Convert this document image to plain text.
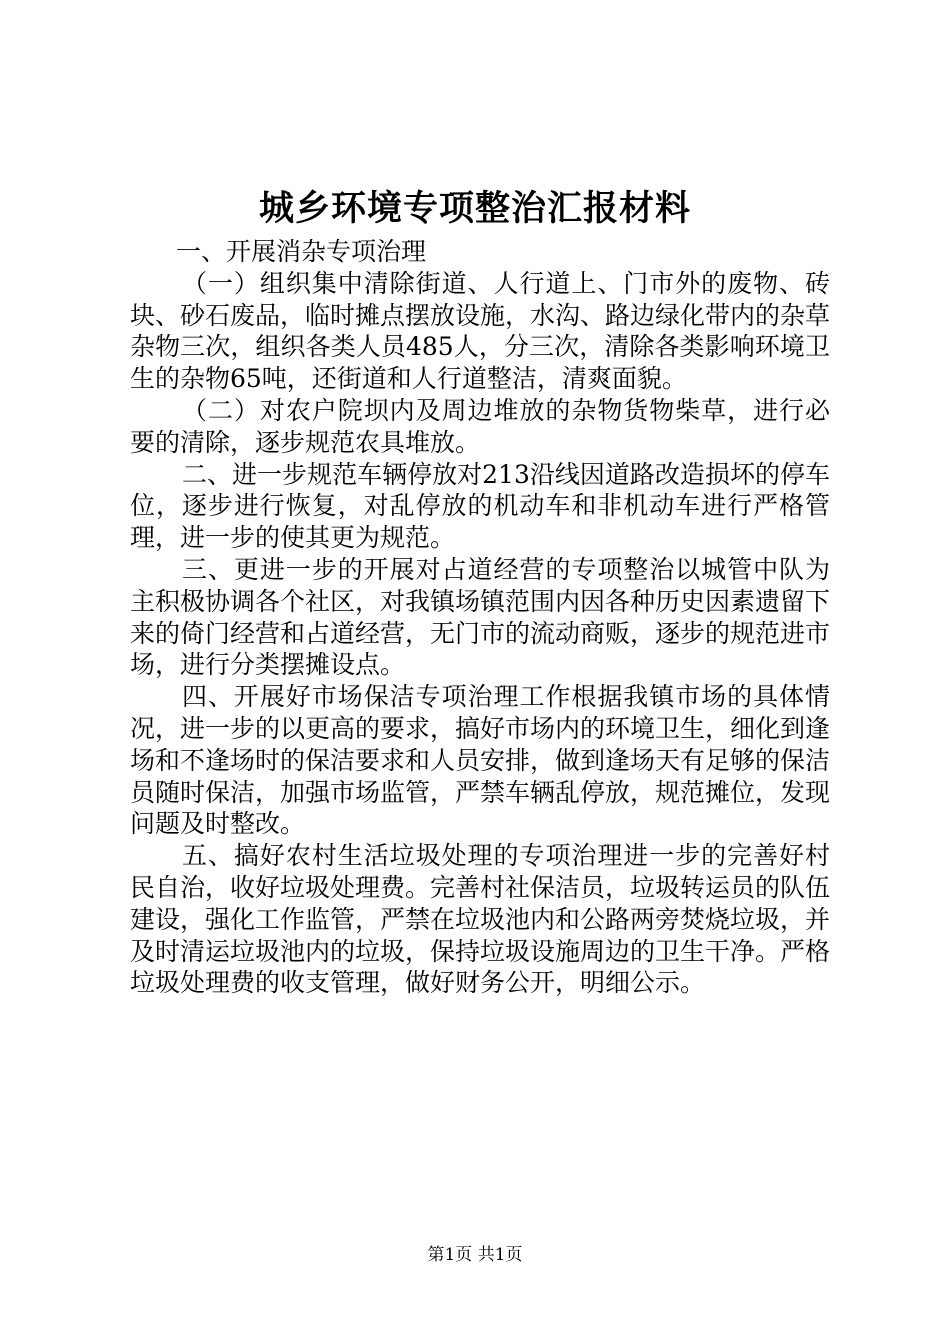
城乡环境专项整治汇报材料

一、开展消杂专项治理

（一）组织集中清除街道、人行道上、门市外的废物、砖块、砂石废品，临时摊点摆放设施，水沟、路边绿化带内的杂草杂物三次，组织各类人员485人，分三次，清除各类影响环境卫生的杂物65吨，还街道和人行道整洁，清爽面貌。

（二）对农户院坝内及周边堆放的杂物货物柴草，进行必要的清除，逐步规范农具堆放。

二、进一步规范车辆停放对213沿线因道路改造损坏的停车位，逐步进行恢复，对乱停放的机动车和非机动车进行严格管理，进一步的使其更为规范。

三、更进一步的开展对占道经营的专项整治以城管中队为主积极协调各个社区，对我镇场镇范围内因各种历史因素遗留下来的倚门经营和占道经营，无门市的流动商贩，逐步的规范进市场，进行分类摆摊设点。

四、开展好市场保洁专项治理工作根据我镇市场的具体情况，进一步的以更高的要求，搞好市场内的环境卫生，细化到逢场和不逢场时的保洁要求和人员安排，做到逢场天有足够的保洁员随时保洁，加强市场监管，严禁车辆乱停放，规范摊位，发现问题及时整改。

五、搞好农村生活垃圾处理的专项治理进一步的完善好村民自治，收好垃圾处理费。完善村社保洁员，垃圾转运员的队伍建设，强化工作监管，严禁在垃圾池内和公路两旁焚烧垃圾，并及时清运垃圾池内的垃圾，保持垃圾设施周边的卫生干净。严格垃圾处理费的收支管理，做好财务公开，明细公示。

第1页 共1页
